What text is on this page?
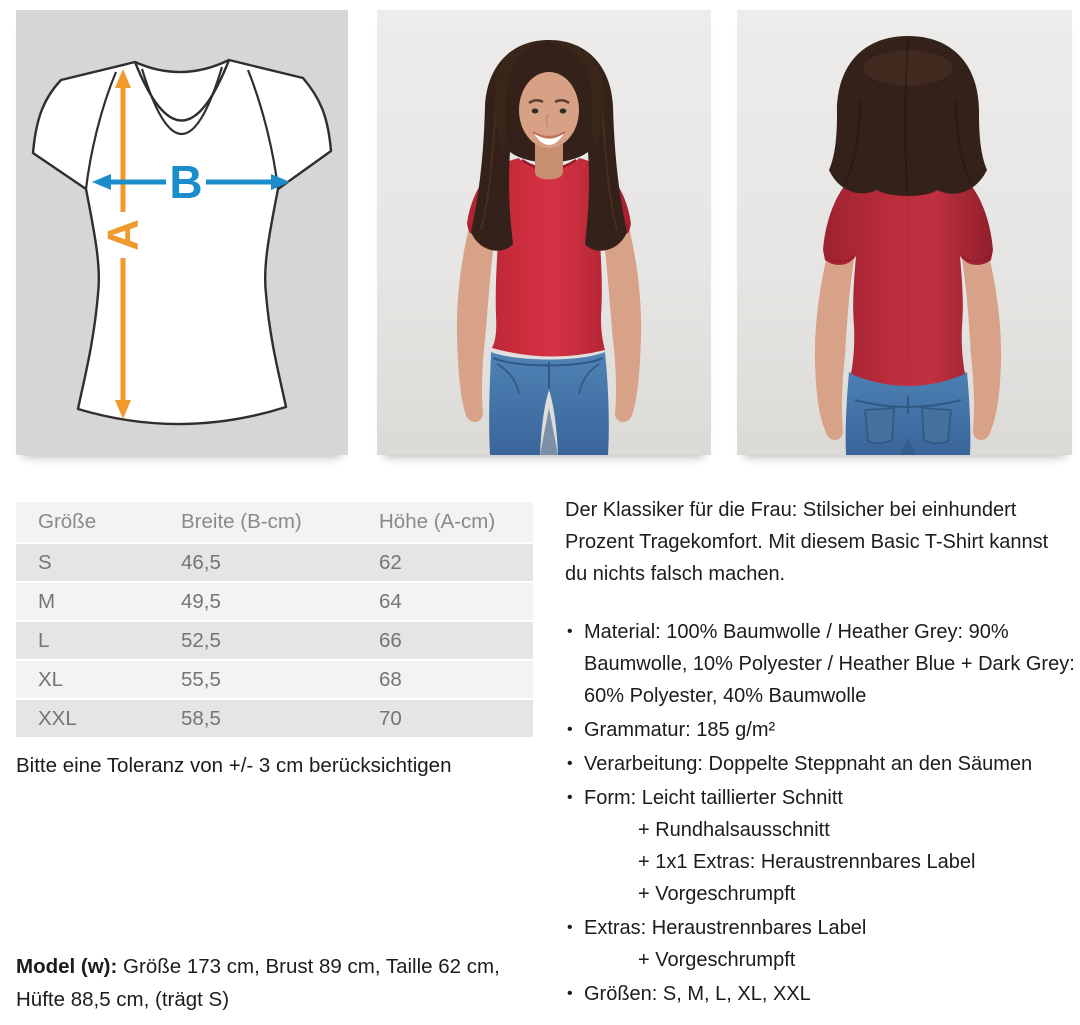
A
B
Größe	Breite (B-cm)	Höhe (A-cm)
S	46,5	62
M	49,5	64
L	52,5	66
XL	55,5	68
XXL	58,5	70
Bitte eine Toleranz von +/- 3 cm berücksichtigen
Model (w): Größe 173 cm, Brust 89 cm, Taille 62 cm, Hüfte 88,5 cm, (trägt S)

Der Klassiker für die Frau: Stilsicher bei einhundert Prozent Tragekomfort. Mit diesem Basic T-Shirt kannst du nichts falsch machen.

• Material: 100% Baumwolle / Heather Grey: 90% Baumwolle, 10% Polyester / Heather Blue + Dark Grey: 60% Polyester, 40% Baumwolle
• Grammatur: 185 g/m²
• Verarbeitung: Doppelte Steppnaht an den Säumen
• Form: Leicht taillierter Schnitt
+ Rundhalsausschnitt
+ 1x1 Extras: Heraustrennbares Label
+ Vorgeschrumpft
• Extras: Heraustrennbares Label
+ Vorgeschrumpft
• Größen: S, M, L, XL, XXL
